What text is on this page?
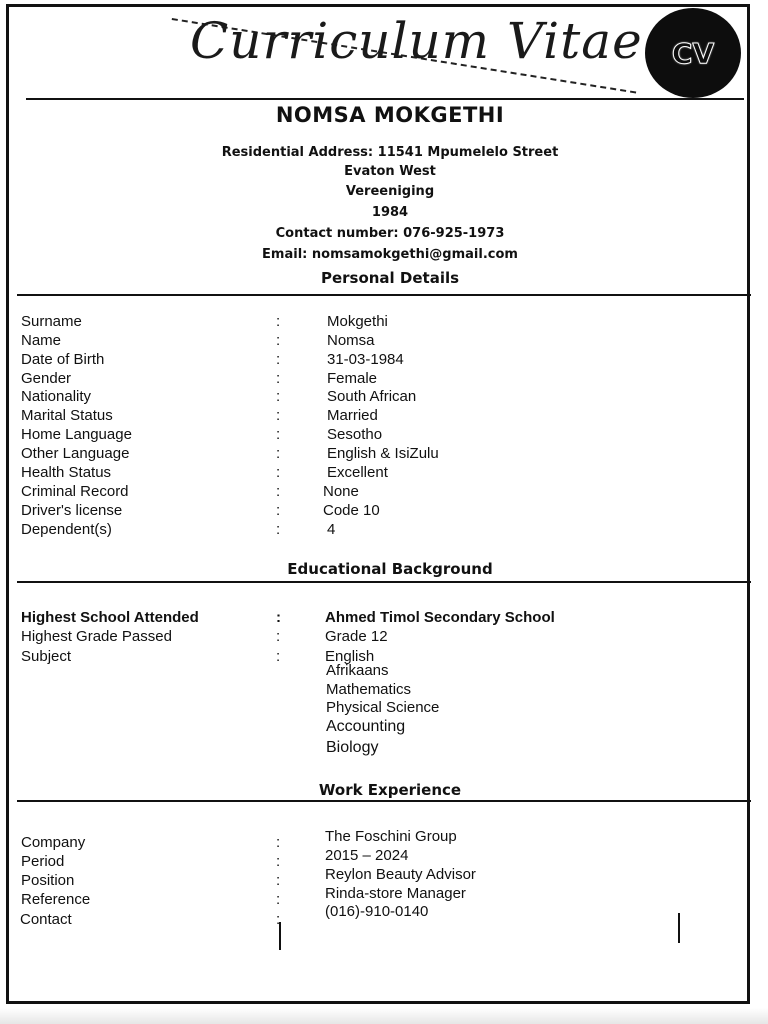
Curriculum Vitae CV
NOMSA MOKGETHI
Residential Address: 11541 Mpumelelo Street
Evaton West
Vereeniging
1984
Contact number: 076-925-1973
Email: nomsamokgethi@gmail.com
Personal Details
Surname	:	Mokgethi
Name	:	Nomsa
Date of Birth	:	31-03-1984
Gender	:	Female
Nationality	:	South African
Marital Status	:	Married
Home Language	:	Sesotho
Other Language	:	English & IsiZulu
Health Status	:	Excellent
Criminal Record	:	None
Driver's license	:	Code 10
Dependent(s)	:	4
Educational Background
Highest School Attended	:	Ahmed Timol Secondary School
Highest Grade Passed	:	Grade 12
Subject	:	English
Afrikaans
Mathematics
Physical Science
Accounting
Biology
Work Experience
Company	:	The Foschini Group
Period	:	2015 – 2024
Position	:	Reylon Beauty Advisor
Reference	:	Rinda-store Manager
Contact	:	(016)-910-0140
